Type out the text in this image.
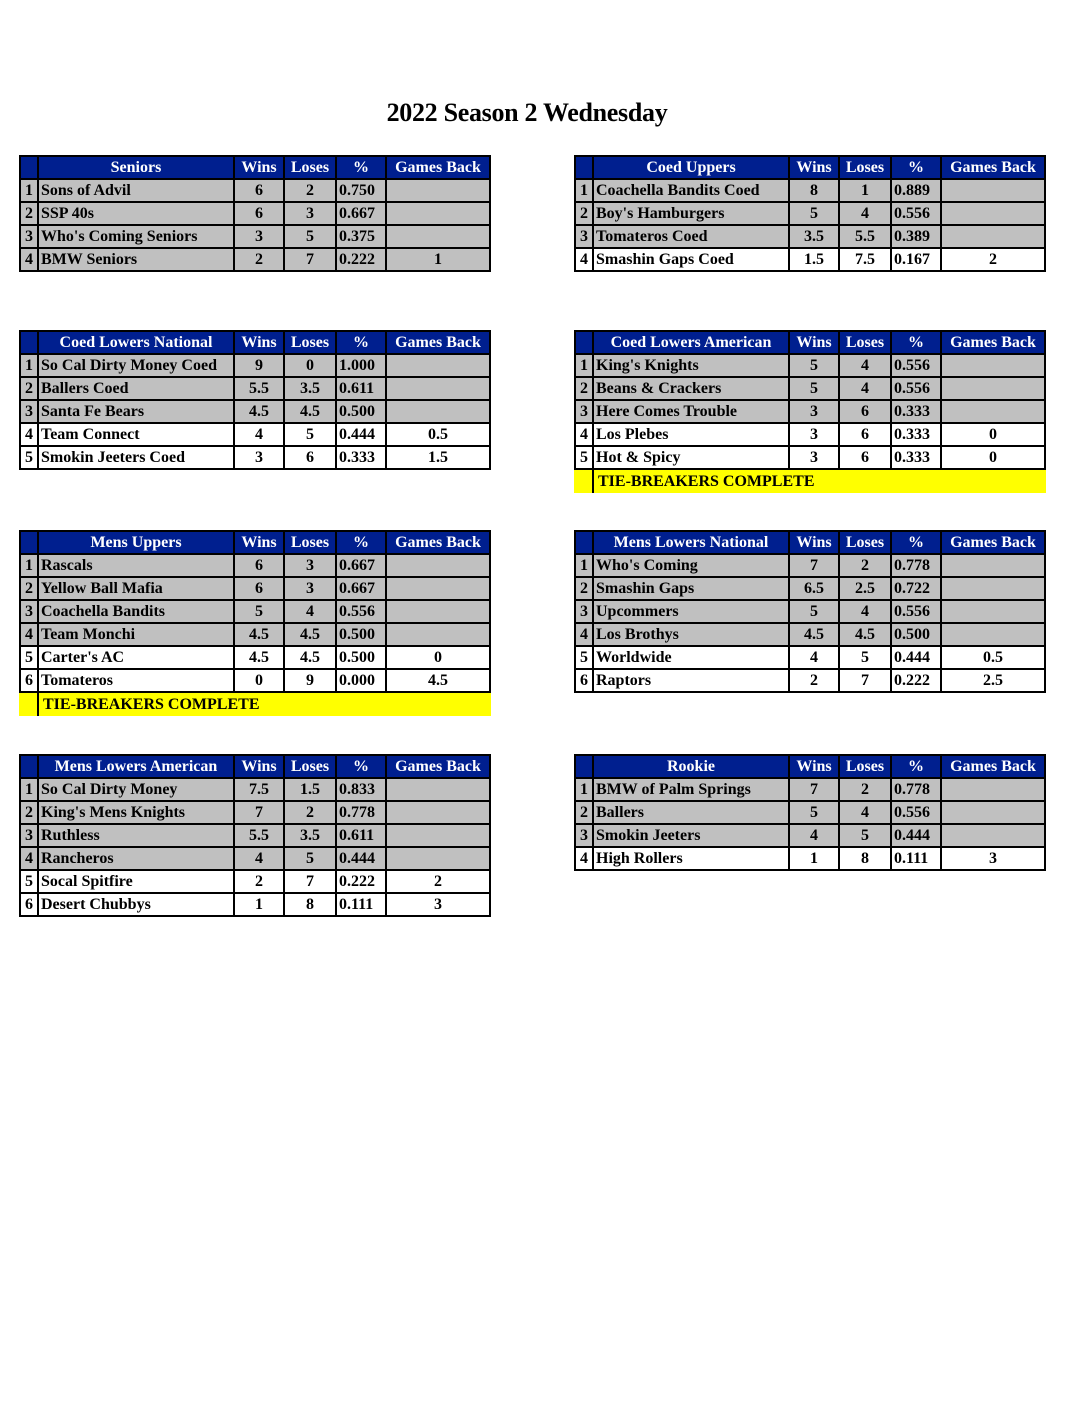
2022 Season 2 Wednesday
	Seniors	Wins	Loses	%	Games Back
1	Sons of Advil	6	2	0.750	
2	SSP 40s	6	3	0.667	
3	Who's Coming Seniors	3	5	0.375	
4	BMW Seniors	2	7	0.222	1
	Coed Uppers	Wins	Loses	%	Games Back
1	Coachella Bandits Coed	8	1	0.889	
2	Boy's Hamburgers	5	4	0.556	
3	Tomateros Coed	3.5	5.5	0.389	
4	Smashin Gaps Coed	1.5	7.5	0.167	2
	Coed Lowers National	Wins	Loses	%	Games Back
1	So Cal Dirty Money Coed	9	0	1.000	
2	Ballers Coed	5.5	3.5	0.611	
3	Santa Fe Bears	4.5	4.5	0.500	
4	Team Connect	4	5	0.444	0.5
5	Smokin Jeeters Coed	3	6	0.333	1.5
	Coed Lowers American	Wins	Loses	%	Games Back
1	King's Knights	5	4	0.556	
2	Beans & Crackers	5	4	0.556	
3	Here Comes Trouble	3	6	0.333	
4	Los Plebes	3	6	0.333	0
5	Hot & Spicy	3	6	0.333	0
TIE-BREAKERS COMPLETE
	Mens Uppers	Wins	Loses	%	Games Back
1	Rascals	6	3	0.667	
2	Yellow Ball Mafia	6	3	0.667	
3	Coachella Bandits	5	4	0.556	
4	Team Monchi	4.5	4.5	0.500	
5	Carter's AC	4.5	4.5	0.500	0
6	Tomateros	0	9	0.000	4.5
TIE-BREAKERS COMPLETE
	Mens Lowers National	Wins	Loses	%	Games Back
1	Who's Coming	7	2	0.778	
2	Smashin Gaps	6.5	2.5	0.722	
3	Upcommers	5	4	0.556	
4	Los Brothys	4.5	4.5	0.500	
5	Worldwide	4	5	0.444	0.5
6	Raptors	2	7	0.222	2.5
	Mens Lowers American	Wins	Loses	%	Games Back
1	So Cal Dirty Money	7.5	1.5	0.833	
2	King's Mens Knights	7	2	0.778	
3	Ruthless	5.5	3.5	0.611	
4	Rancheros	4	5	0.444	
5	Socal Spitfire	2	7	0.222	2
6	Desert Chubbys	1	8	0.111	3
	Rookie	Wins	Loses	%	Games Back
1	BMW of Palm Springs	7	2	0.778	
2	Ballers	5	4	0.556	
3	Smokin Jeeters	4	5	0.444	
4	High Rollers	1	8	0.111	3
